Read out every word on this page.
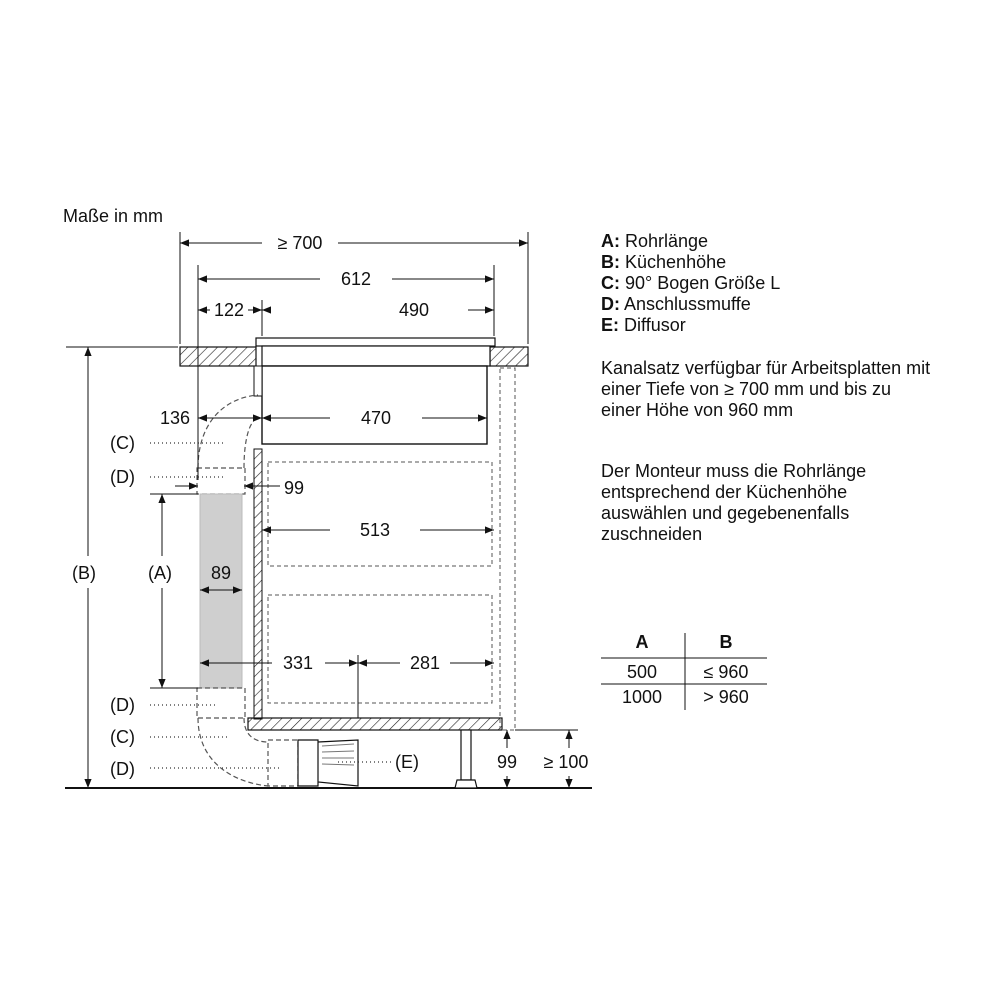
Maße in mm
≥ 700
612
122	490
136	470
99
513
89
331	281
99 ≥ 100
(C)
(D)
(A)
(B)
(D)
(C)
(D)	(E)
A: Rohrlänge
B: Küchenhöhe
C: 90° Bogen Größe L
D: Anschlussmuffe
E: Diffusor
Kanalsatz verfügbar für Arbeitsplatten mit einer Tiefe von ≥ 700 mm und bis zu einer Höhe von 960 mm
Der Monteur muss die Rohrlänge entsprechend der Küchenhöhe auswählen und gegebenenfalls zuschneiden
A	B
500	≤ 960
1000	> 960
